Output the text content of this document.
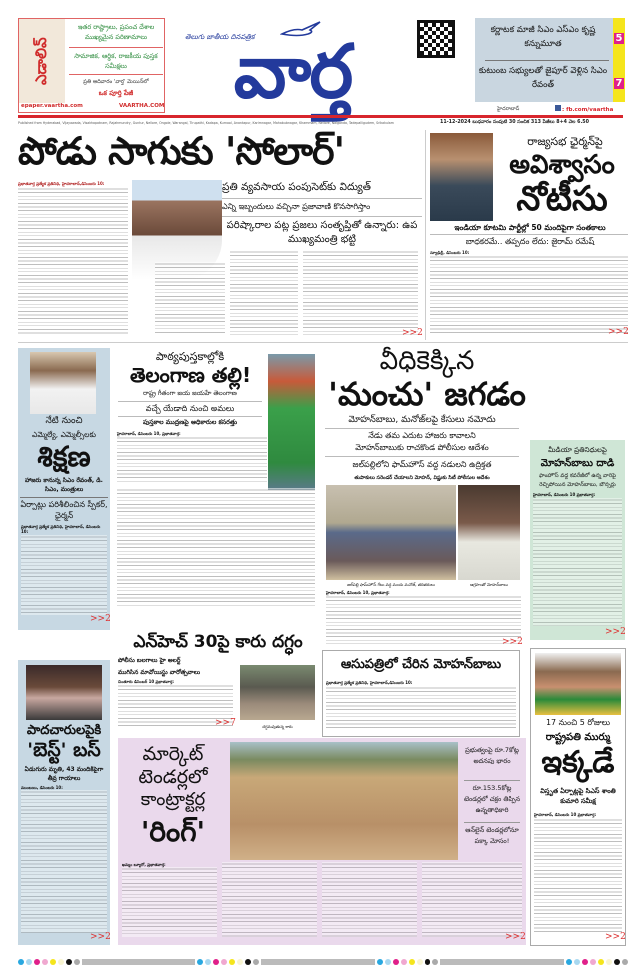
ఎడాలివ్
ఇతర రాష్ట్రాలు, ప్రపంచ దేశాల ముఖ్యమైన పరిణామాలు
సామాజిక, ఆర్థిక, రాజకీయ పుస్తక సమీక్షలు
ప్రతి ఆదివారం 'వార్త' మెయిన్‌లో
ఒక పూర్తి పేజీ
epaper.vaartha.com	VAARTHA.COM
తెలుగు జాతీయ దినపత్రిక
వార్త	కర్ణాటక మాజీ సిఎం ఎస్‌ఎం కృష్ణ కన్నుమూత
కుటుంబ సభ్యులతో జైపూర్ వెళ్లిన సిఎం రేవంత్
5
7
హైదరాబాద్	: fb.com/vaartha
Published from Hyderabad, Vijayawada, Visakhapatnam, Rajahmundry, Guntur, Nellore, Ongole, Warangal, Tirupathi, Kadapa, Kurnool, Anantapur, Karimnagar, Mahabubnagar, Khammam, Nellore, Nalgonda, Tadepalligudem, Srikakulam	11-12-2024 బుధవారం సంపుటి 30 సంచిక 313 పేజీలు 8+4 వెల 6.50
పోడు సాగుకు 'సోలార్'
ప్రభాతవార్త ప్రత్యేక ప్రతినిధి, హైదరాబాద్,డిసెంబరు 10:	ప్రతి వ్యవసాయ పంపుసెట్‌కు విద్యుత్
ఎన్ని ఇబ్బందులు వచ్చినా ప్రజావాణి కొనసాగిస్తాం
పరిష్కారాల పట్ల ప్రజలు సంతృప్తితో ఉన్నారు: ఉప ముఖ్యమంత్రి భట్టి
>>2
రాజ్యసభ ఛైర్మన్‌పై
అవిశ్వాసం
నోటీసు
ఇండియా కూటమి పార్టీల్లో 50 మందిపైగా సంతకాలు
బాధకరమే.. తప్పదం లేదు: జైరామ్ రమేష్
న్యూఢిల్లీ, డిసెంబరు 10:
>>2
నేటి నుంచి
ఎమ్మెల్యే, ఎమ్మెల్సీలకు
శిక్షణ
హాజరు కానున్న సిఎం రేవంత్, డి. సిఎం, మంత్రులు
ఏర్పాట్లు పరిశీలించిన స్పీకర్, ఛైర్మన్
ప్రభాతవార్త ప్రత్యేక ప్రతినిధి, హైదరాబాద్, డిసెంబరు 10:
>>2
పాఠ్యపుస్తకాల్లోకి
తెలంగాణ తల్లి!
రాష్ట్ర గీతంగా జయ జయహే తెలంగాణ
వచ్చే యేడాది నుంచి అమలు
పుస్తకాల ముద్రణపై అధికారుల కసరత్తు
హైదరాబాద్, డిసెంబరు 10, ప్రభాతవార్త:
వీధికెక్కిన
'మంచు' జగడం
మోహన్‌బాబు, మనోజ్‌లపై కేసులు నమోదు
నేడు తమ ఎదుట హాజరు కావాలని
మోహన్‌బాబుకు రాచకొండ పోలీసుల ఆదేశం
జల్‌పల్లిలోని ఫామ్‌హౌస్ వద్ద నడులని ఉద్రిక్తత
తుపాకులు సరెండర్ చేయాలని మోహన్, విష్ణుకు సిటీ పోలీసుల ఆదేశం
జల్‌పల్లి ఫామ్‌హౌస్ గేటు వద్ద మంచు మనోజ్, తదితరులు	ఆగ్రహంతో మోహన్‌బాబు
హైదరాబాద్, డిసెంబరు 10, ప్రభాతవార్త:
>>2
మీడియా ప్రతినిధులపై
మోహన్‌బాబు దాడి
ఫాంహౌస్ వద్ద కవరేజీలో ఉన్న వారిపై రెచ్చిపోయిన మోహన్‌బాబు, బౌన్సర్లు
హైదరాబాద్, డిసెంబరు 10 ప్రభాతవార్త:
>>2
ఎన్‌హెచ్ 30పై కారు దగ్ధం
పోలీసు బలగాలు హై అలర్ట్
ముగిసిన మావోయిస్టు వారోత్సవాలు
చింతూరు డిసెంబర్ 10 ప్రభాతవార్త:
>>7	దగ్ధమవుతున్న కారు
ఆసుపత్రిలో చేరిన మోహన్‌బాబు
ప్రభాతవార్త ప్రత్యేక ప్రతినిధి, హైదరాబాద్,డిసెంబరు 10:
పాదచారులపైకి
'బెస్ట్' బస్
ఏడుగురు మృతి, 43 మందికిపైగా తీవ్ర గాయాలు
ముంబయి, డిసెంబరు 10:
>>2
మార్కెట్
టెండర్లలో
కాంట్రాక్టర్ల
'రింగ్'
ప్రభుత్వంపై రూ.7కోట్ల అదనపు భారం
రూ.153.5కోట్ల టెండర్లలో చక్రం తిప్పిన ఉన్నతాధికారి
ఆన్‌లైన్ టెండర్లలోనూ పక్కా మోసం!
ఖమ్మం బ్యూరో, ప్రభాతవార్త:
>>2
17 నుంచి 5 రోజులు
రాష్ట్రపతి ముర్ము
ఇక్కడే
విస్తృత ఏర్పాట్లపై సిఎస్ శాంతి కుమారి సమీక్ష
హైదరాబాద్, డిసెంబరు 10 ప్రభాతవార్త:
>>2
